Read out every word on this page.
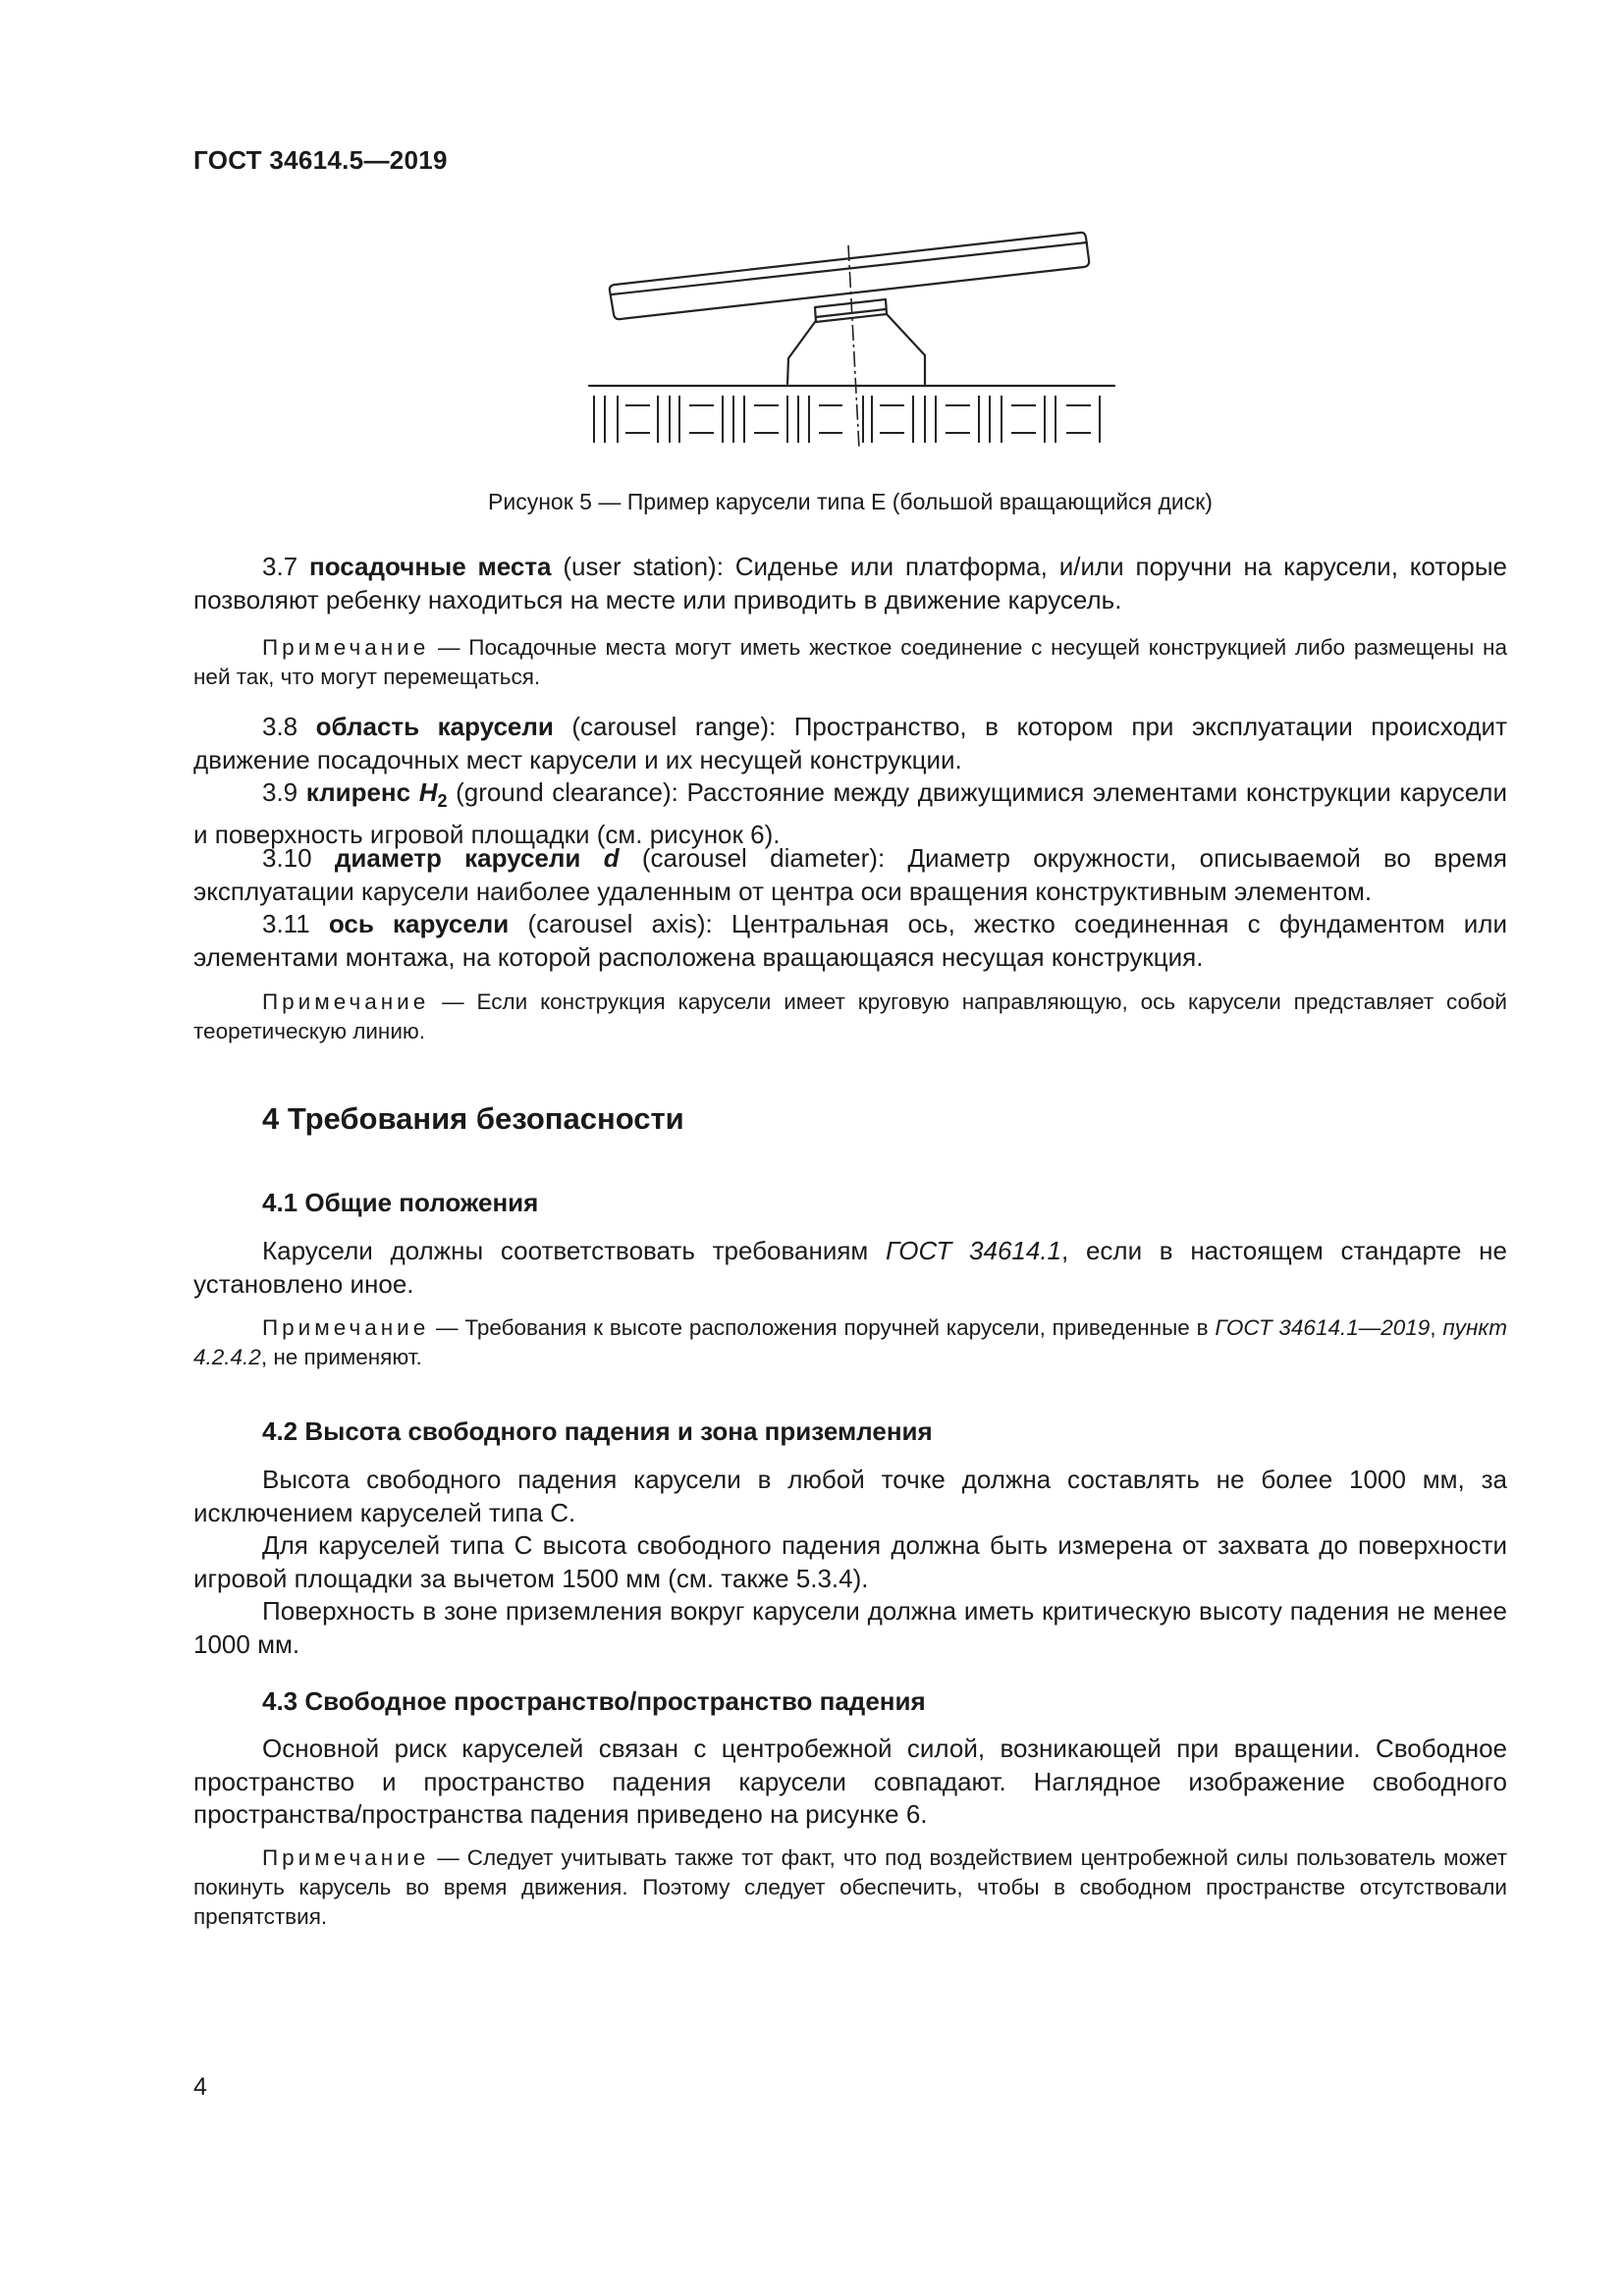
ГОСТ 34614.5—2019
Рисунок 5 — Пример карусели типа Е (большой вращающийся диск)

3.7 посадочные места (user station): Сиденье или платформа, и/или поручни на карусели, которые позволяют ребенку находиться на месте или приводить в движение карусель.

Примечание — Посадочные места могут иметь жесткое соединение с несущей конструкцией либо размещены на ней так, что могут перемещаться.

3.8 область карусели (carousel range): Пространство, в котором при эксплуатации происходит движение посадочных мест карусели и их несущей конструкции.

3.9 клиренс $H_2$ (ground clearance): Расстояние между движущимися элементами конструкции карусели и поверхность игровой площадки (см. рисунок 6).

3.10 диаметр карусели d (carousel diameter): Диаметр окружности, описываемой во время эксплуатации карусели наиболее удаленным от центра оси вращения конструктивным элементом.

3.11 ось карусели (carousel axis): Центральная ось, жестко соединенная с фундаментом или элементами монтажа, на которой расположена вращающаяся несущая конструкция.

Примечание — Если конструкция карусели имеет круговую направляющую, ось карусели представляет собой теоретическую линию.

4 Требования безопасности

4.1 Общие положения

Карусели должны соответствовать требованиям ГОСТ 34614.1, если в настоящем стандарте не установлено иное.

Примечание — Требования к высоте расположения поручней карусели, приведенные в ГОСТ 34614.1—2019, пункт 4.2.4.2, не применяют.

4.2 Высота свободного падения и зона приземления

Высота свободного падения карусели в любой точке должна составлять не более 1000 мм, за исключением каруселей типа С.

Для каруселей типа С высота свободного падения должна быть измерена от захвата до поверхности игровой площадки за вычетом 1500 мм (см. также 5.3.4).

Поверхность в зоне приземления вокруг карусели должна иметь критическую высоту падения не менее 1000 мм.

4.3 Свободное пространство/пространство падения

Основной риск каруселей связан с центробежной силой, возникающей при вращении. Свободное пространство и пространство падения карусели совпадают. Наглядное изображение свободного пространства/пространства падения приведено на рисунке 6.

Примечание — Следует учитывать также тот факт, что под воздействием центробежной силы пользователь может покинуть карусель во время движения. Поэтому следует обеспечить, чтобы в свободном пространстве отсутствовали препятствия.

4
